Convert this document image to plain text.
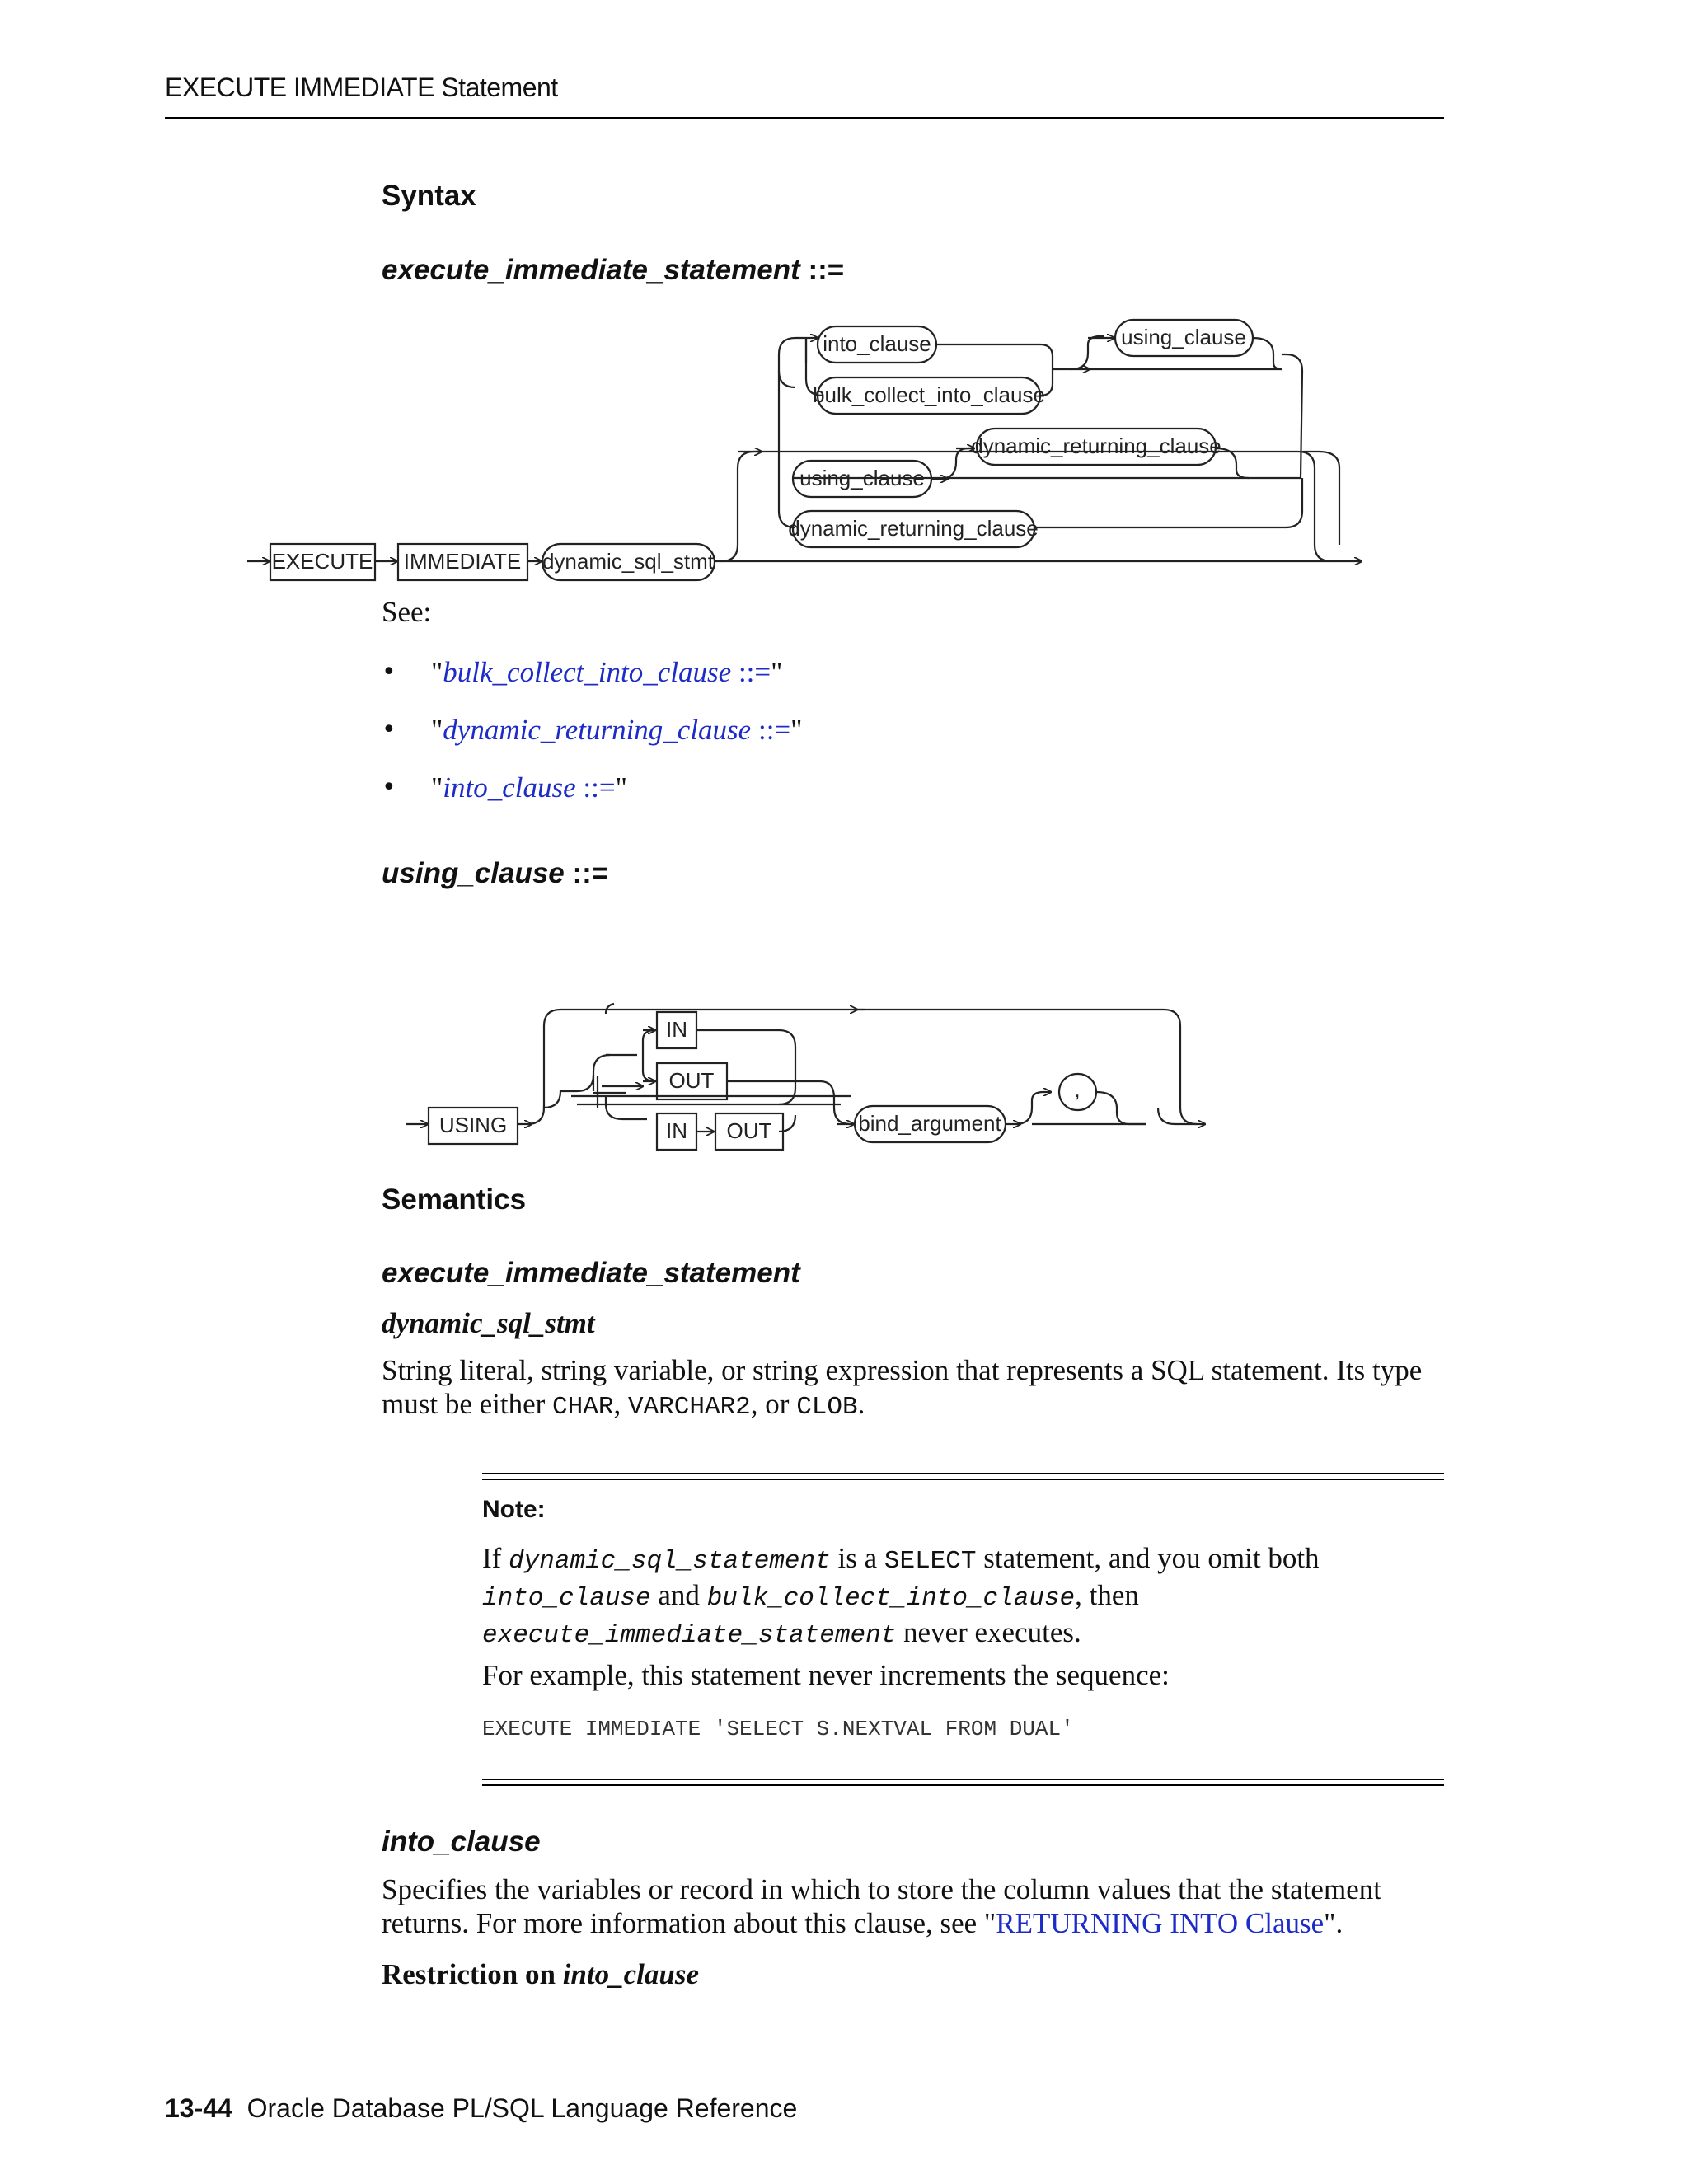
EXECUTE IMMEDIATE Statement
Syntax
execute_immediate_statement ::=
EXECUTE IMMEDIATE dynamic_sql_stmt
into_clause
bulk_collect_into_clause
using_clause
dynamic_returning_clause
using_clause
dynamic_returning_clause
See:
• "bulk_collect_into_clause ::="
• "dynamic_returning_clause ::="
• "into_clause ::="
using_clause ::=
USING
IN
OUT
IN OUT	bind_argument
,
Semantics
execute_immediate_statement
dynamic_sql_stmt
String literal, string variable, or string expression that represents a SQL statement. Its type must be either CHAR, VARCHAR2, or CLOB.
Note:
If dynamic_sql_statement is a SELECT statement, and you omit both
into_clause and bulk_collect_into_clause, then
execute_immediate_statement never executes.
For example, this statement never increments the sequence:
EXECUTE IMMEDIATE 'SELECT S.NEXTVAL FROM DUAL'
into_clause
Specifies the variables or record in which to store the column values that the statement
returns. For more information about this clause, see "RETURNING INTO Clause".
Restriction on into_clause
13-44 Oracle Database PL/SQL Language Reference
